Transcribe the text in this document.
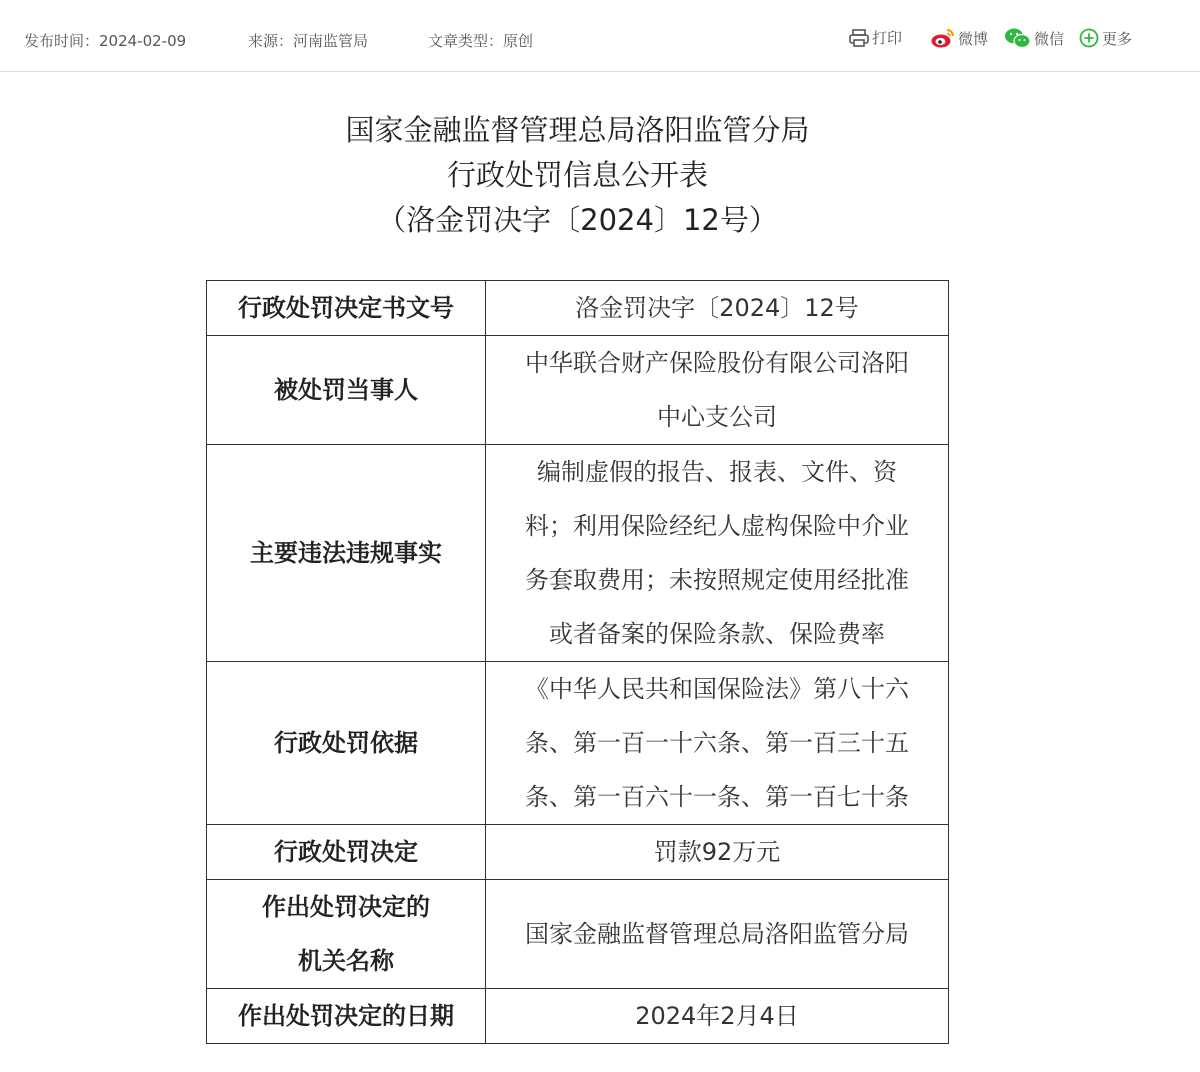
发布时间：2024-02-09	来源：河南监管局	文章类型：原创	打印	微博	微信	更多
国家金融监督管理总局洛阳监管分局
行政处罚信息公开表
（洛金罚决字〔2024〕12号）
行政处罚决定书文号	洛金罚决字〔2024〕12号
被处罚当事人	中华联合财产保险股份有限公司洛阳
中心支公司
主要违法违规事实	编制虚假的报告、报表、文件、资
料；利用保险经纪人虚构保险中介业
务套取费用；未按照规定使用经批准
或者备案的保险条款、保险费率
行政处罚依据	《中华人民共和国保险法》第八十六
条、第一百一十六条、第一百三十五
条、第一百六十一条、第一百七十条
行政处罚决定	罚款92万元
作出处罚决定的
机关名称	国家金融监督管理总局洛阳监管分局
作出处罚决定的日期	2024年2月4日
